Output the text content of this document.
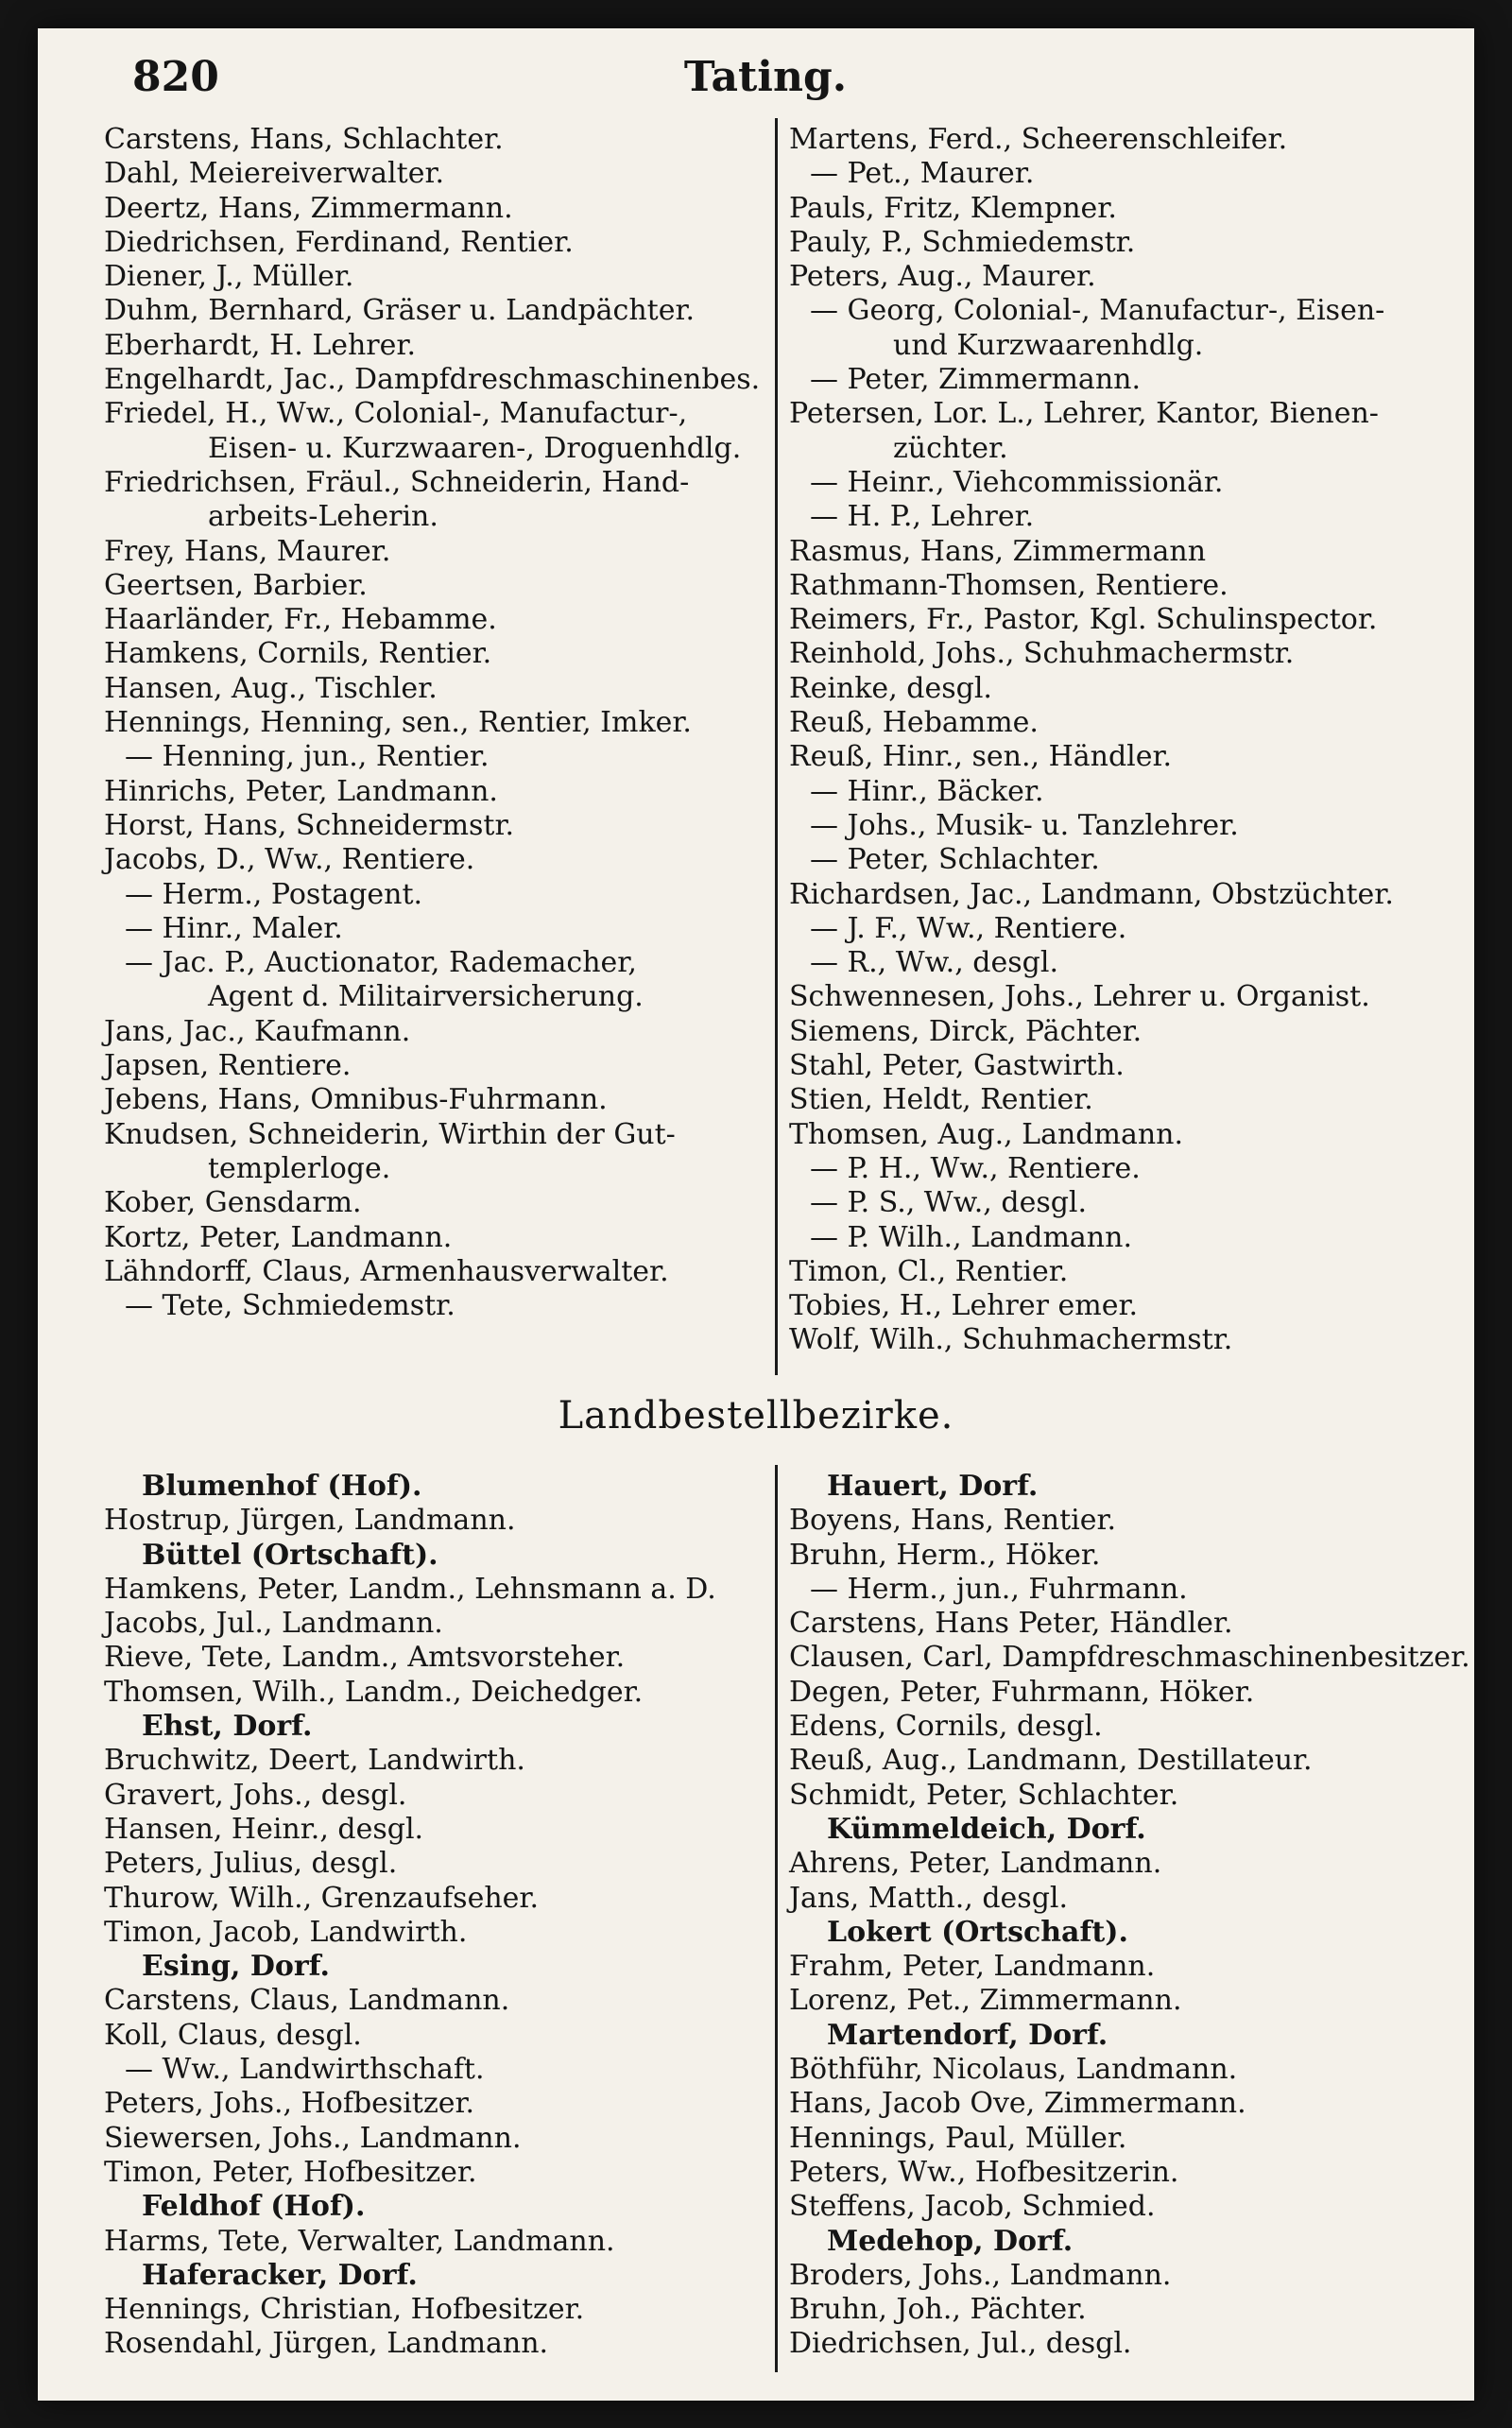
820	Tating.
Carstens, Hans, Schlachter.
Dahl, Meiereiverwalter.
Deertz, Hans, Zimmermann.
Diedrichsen, Ferdinand, Rentier.
Diener, J., Müller.
Duhm, Bernhard, Gräser u. Landpächter.
Eberhardt, H. Lehrer.
Engelhardt, Jac., Dampfdreschmaschinenbes.
Friedel, H., Ww., Colonial-, Manufactur-,
Eisen- u. Kurzwaaren-, Droguenhdlg.
Friedrichsen, Fräul., Schneiderin, Hand-
arbeits-Leherin.
Frey, Hans, Maurer.
Geertsen, Barbier.
Haarländer, Fr., Hebamme.
Hamkens, Cornils, Rentier.
Hansen, Aug., Tischler.
Hennings, Henning, sen., Rentier, Imker.
— Henning, jun., Rentier.
Hinrichs, Peter, Landmann.
Horst, Hans, Schneidermstr.
Jacobs, D., Ww., Rentiere.
— Herm., Postagent.
— Hinr., Maler.
— Jac. P., Auctionator, Rademacher,
Agent d. Militairversicherung.
Jans, Jac., Kaufmann.
Japsen, Rentiere.
Jebens, Hans, Omnibus-Fuhrmann.
Knudsen, Schneiderin, Wirthin der Gut-
templerloge.
Kober, Gensdarm.
Kortz, Peter, Landmann.
Lähndorff, Claus, Armenhausverwalter.
— Tete, Schmiedemstr.
Martens, Ferd., Scheerenschleifer.
— Pet., Maurer.
Pauls, Fritz, Klempner.
Pauly, P., Schmiedemstr.
Peters, Aug., Maurer.
— Georg, Colonial-, Manufactur-, Eisen-
und Kurzwaarenhdlg.
— Peter, Zimmermann.
Petersen, Lor. L., Lehrer, Kantor, Bienen-
züchter.
— Heinr., Viehcommissionär.
— H. P., Lehrer.
Rasmus, Hans, Zimmermann
Rathmann-Thomsen, Rentiere.
Reimers, Fr., Pastor, Kgl. Schulinspector.
Reinhold, Johs., Schuhmachermstr.
Reinke, desgl.
Reuß, Hebamme.
Reuß, Hinr., sen., Händler.
— Hinr., Bäcker.
— Johs., Musik- u. Tanzlehrer.
— Peter, Schlachter.
Richardsen, Jac., Landmann, Obstzüchter.
— J. F., Ww., Rentiere.
— R., Ww., desgl.
Schwennesen, Johs., Lehrer u. Organist.
Siemens, Dirck, Pächter.
Stahl, Peter, Gastwirth.
Stien, Heldt, Rentier.
Thomsen, Aug., Landmann.
— P. H., Ww., Rentiere.
— P. S., Ww., desgl.
— P. Wilh., Landmann.
Timon, Cl., Rentier.
Tobies, H., Lehrer emer.
Wolf, Wilh., Schuhmachermstr.
Landbestellbezirke.
Blumenhof (Hof).
Hostrup, Jürgen, Landmann.
Büttel (Ortschaft).
Hamkens, Peter, Landm., Lehnsmann a. D.
Jacobs, Jul., Landmann.
Rieve, Tete, Landm., Amtsvorsteher.
Thomsen, Wilh., Landm., Deichedger.
Ehst, Dorf.
Bruchwitz, Deert, Landwirth.
Gravert, Johs., desgl.
Hansen, Heinr., desgl.
Peters, Julius, desgl.
Thurow, Wilh., Grenzaufseher.
Timon, Jacob, Landwirth.
Esing, Dorf.
Carstens, Claus, Landmann.
Koll, Claus, desgl.
— Ww., Landwirthschaft.
Peters, Johs., Hofbesitzer.
Siewersen, Johs., Landmann.
Timon, Peter, Hofbesitzer.
Feldhof (Hof).
Harms, Tete, Verwalter, Landmann.
Haferacker, Dorf.
Hennings, Christian, Hofbesitzer.
Rosendahl, Jürgen, Landmann.
Hauert, Dorf.
Boyens, Hans, Rentier.
Bruhn, Herm., Höker.
— Herm., jun., Fuhrmann.
Carstens, Hans Peter, Händler.
Clausen, Carl, Dampfdreschmaschinenbesitzer.
Degen, Peter, Fuhrmann, Höker.
Edens, Cornils, desgl.
Reuß, Aug., Landmann, Destillateur.
Schmidt, Peter, Schlachter.
Kümmeldeich, Dorf.
Ahrens, Peter, Landmann.
Jans, Matth., desgl.
Lokert (Ortschaft).
Frahm, Peter, Landmann.
Lorenz, Pet., Zimmermann.
Martendorf, Dorf.
Böthführ, Nicolaus, Landmann.
Hans, Jacob Ove, Zimmermann.
Hennings, Paul, Müller.
Peters, Ww., Hofbesitzerin.
Steffens, Jacob, Schmied.
Medehop, Dorf.
Broders, Johs., Landmann.
Bruhn, Joh., Pächter.
Diedrichsen, Jul., desgl.
